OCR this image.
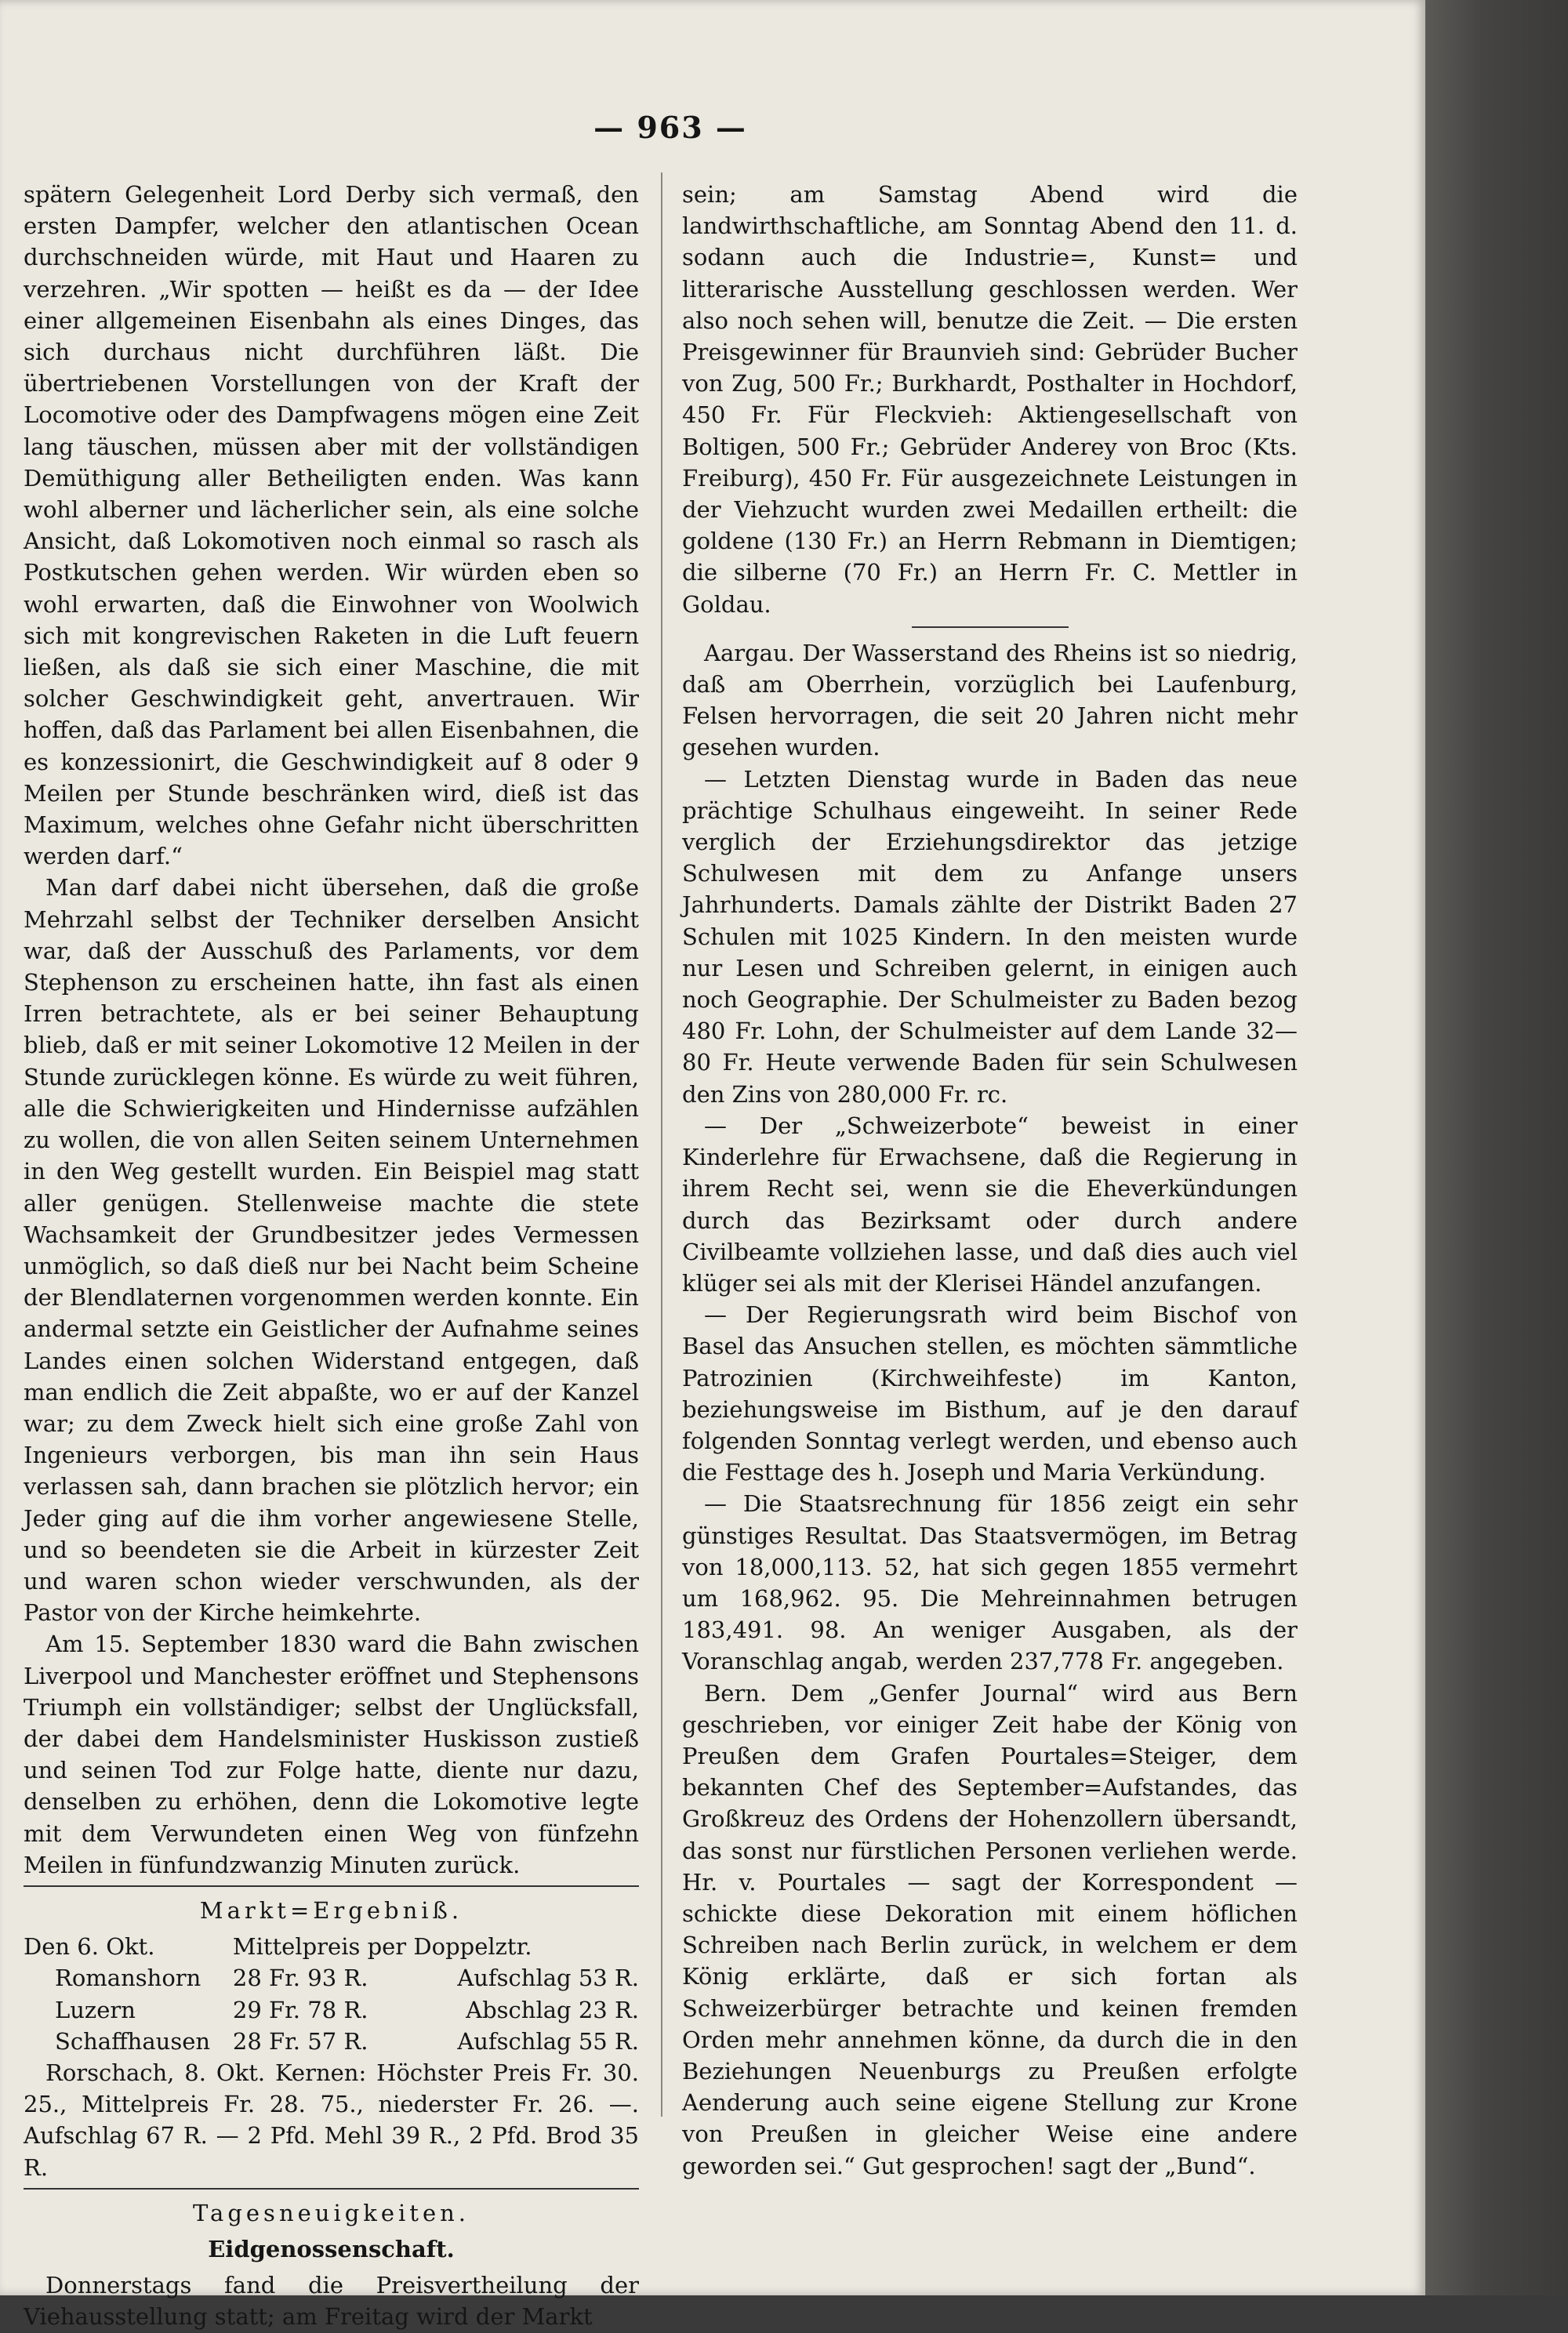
— 963 —

spätern Gelegenheit Lord Derby sich vermaß, den ersten Dampfer, welcher den atlantischen Ocean durchschneiden würde, mit Haut und Haaren zu verzehren. „Wir spotten — heißt es da — der Idee einer allgemeinen Eisenbahn als eines Dinges, das sich durchaus nicht durchführen läßt. Die übertriebenen Vorstellungen von der Kraft der Locomotive oder des Dampfwagens mögen eine Zeit lang täuschen, müssen aber mit der vollständigen Demüthigung aller Betheiligten enden. Was kann wohl alberner und lächerlicher sein, als eine solche Ansicht, daß Lokomotiven noch einmal so rasch als Postkutschen gehen werden. Wir würden eben so wohl erwarten, daß die Einwohner von Woolwich sich mit kongrevischen Raketen in die Luft feuern ließen, als daß sie sich einer Maschine, die mit solcher Geschwindigkeit geht, anvertrauen. Wir hoffen, daß das Parlament bei allen Eisenbahnen, die es konzessionirt, die Geschwindigkeit auf 8 oder 9 Meilen per Stunde beschränken wird, dieß ist das Maximum, welches ohne Gefahr nicht überschritten werden darf.“

Man darf dabei nicht übersehen, daß die große Mehrzahl selbst der Techniker derselben Ansicht war, daß der Ausschuß des Parlaments, vor dem Stephenson zu erscheinen hatte, ihn fast als einen Irren betrachtete, als er bei seiner Behauptung blieb, daß er mit seiner Lokomotive 12 Meilen in der Stunde zurücklegen könne. Es würde zu weit führen, alle die Schwierigkeiten und Hindernisse aufzählen zu wollen, die von allen Seiten seinem Unternehmen in den Weg gestellt wurden. Ein Beispiel mag statt aller genügen. Stellenweise machte die stete Wachsamkeit der Grundbesitzer jedes Vermessen unmöglich, so daß dieß nur bei Nacht beim Scheine der Blendlaternen vorgenommen werden konnte. Ein andermal setzte ein Geistlicher der Aufnahme seines Landes einen solchen Widerstand entgegen, daß man endlich die Zeit abpaßte, wo er auf der Kanzel war; zu dem Zweck hielt sich eine große Zahl von Ingenieurs verborgen, bis man ihn sein Haus verlassen sah, dann brachen sie plötzlich hervor; ein Jeder ging auf die ihm vorher angewiesene Stelle, und so beendeten sie die Arbeit in kürzester Zeit und waren schon wieder verschwunden, als der Pastor von der Kirche heimkehrte.

Am 15. September 1830 ward die Bahn zwischen Liverpool und Manchester eröffnet und Stephensons Triumph ein vollständiger; selbst der Unglücksfall, der dabei dem Handelsminister Huskisson zustieß und seinen Tod zur Folge hatte, diente nur dazu, denselben zu erhöhen, denn die Lokomotive legte mit dem Verwundeten einen Weg von fünfzehn Meilen in fünfundzwanzig Minuten zurück.

Markt=Ergebniß.
Den 6. Okt.	Mittelpreis per Doppelztr.	
Romanshorn	28 Fr. 93 R.	Aufschlag 53 R.
Luzern	29 Fr. 78 R.	Abschlag 23 R.
Schaffhausen	28 Fr. 57 R.	Aufschlag 55 R.

Rorschach, 8. Okt. Kernen: Höchster Preis Fr. 30. 25., Mittelpreis Fr. 28. 75., niederster Fr. 26. —. Aufschlag 67 R. — 2 Pfd. Mehl 39 R., 2 Pfd. Brod 35 R.

Tagesneuigkeiten.
Eidgenossenschaft.

Donnerstags fand die Preisvertheilung der Viehausstellung statt; am Freitag wird der Markt

sein; am Samstag Abend wird die landwirthschaftliche, am Sonntag Abend den 11. d. sodann auch die Industrie=, Kunst= und litterarische Ausstellung geschlossen werden. Wer also noch sehen will, benutze die Zeit. — Die ersten Preisgewinner für Braunvieh sind: Gebrüder Bucher von Zug, 500 Fr.; Burkhardt, Posthalter in Hochdorf, 450 Fr. Für Fleckvieh: Aktiengesellschaft von Boltigen, 500 Fr.; Gebrüder Anderey von Broc (Kts. Freiburg), 450 Fr. Für ausgezeichnete Leistungen in der Viehzucht wurden zwei Medaillen ertheilt: die goldene (130 Fr.) an Herrn Rebmann in Diemtigen; die silberne (70 Fr.) an Herrn Fr. C. Mettler in Goldau.

Aargau. Der Wasserstand des Rheins ist so niedrig, daß am Oberrhein, vorzüglich bei Laufenburg, Felsen hervorragen, die seit 20 Jahren nicht mehr gesehen wurden.

— Letzten Dienstag wurde in Baden das neue prächtige Schulhaus eingeweiht. In seiner Rede verglich der Erziehungsdirektor das jetzige Schulwesen mit dem zu Anfange unsers Jahrhunderts. Damals zählte der Distrikt Baden 27 Schulen mit 1025 Kindern. In den meisten wurde nur Lesen und Schreiben gelernt, in einigen auch noch Geographie. Der Schulmeister zu Baden bezog 480 Fr. Lohn, der Schulmeister auf dem Lande 32—80 Fr. Heute verwende Baden für sein Schulwesen den Zins von 280,000 Fr. rc.

— Der „Schweizerbote“ beweist in einer Kinderlehre für Erwachsene, daß die Regierung in ihrem Recht sei, wenn sie die Eheverkündungen durch das Bezirksamt oder durch andere Civilbeamte vollziehen lasse, und daß dies auch viel klüger sei als mit der Klerisei Händel anzufangen.

— Der Regierungsrath wird beim Bischof von Basel das Ansuchen stellen, es möchten sämmtliche Patrozinien (Kirchweihfeste) im Kanton, beziehungsweise im Bisthum, auf je den darauf folgenden Sonntag verlegt werden, und ebenso auch die Festtage des h. Joseph und Maria Verkündung.

— Die Staatsrechnung für 1856 zeigt ein sehr günstiges Resultat. Das Staatsvermögen, im Betrag von 18,000,113. 52, hat sich gegen 1855 vermehrt um 168,962. 95. Die Mehreinnahmen betrugen 183,491. 98. An weniger Ausgaben, als der Voranschlag angab, werden 237,778 Fr. angegeben.

Bern. Dem „Genfer Journal“ wird aus Bern geschrieben, vor einiger Zeit habe der König von Preußen dem Grafen Pourtales=Steiger, dem bekannten Chef des September=Aufstandes, das Großkreuz des Ordens der Hohenzollern übersandt, das sonst nur fürstlichen Personen verliehen werde. Hr. v. Pourtales — sagt der Korrespondent — schickte diese Dekoration mit einem höflichen Schreiben nach Berlin zurück, in welchem er dem König erklärte, daß er sich fortan als Schweizerbürger betrachte und keinen fremden Orden mehr annehmen könne, da durch die in den Beziehungen Neuenburgs zu Preußen erfolgte Aenderung auch seine eigene Stellung zur Krone von Preußen in gleicher Weise eine andere geworden sei.“ Gut gesprochen! sagt der „Bund“.
